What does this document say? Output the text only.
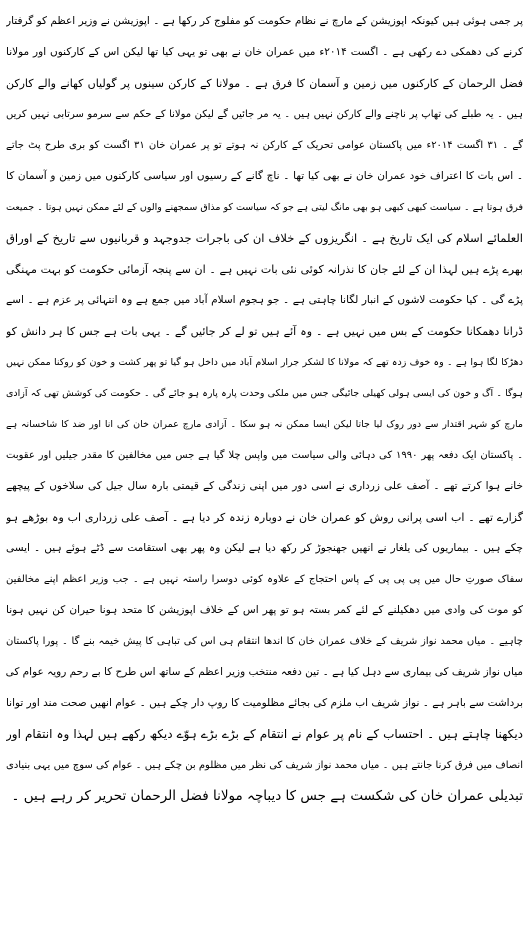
پر جمی ہوئی ہیں کیونکہ اپوزیشن کے مارچ نے نظام حکومت کو مفلوج کر رکھا ہے ۔ اپوزیشن نے وزیر اعظم کو گرفتار
کرنے کی دھمکی دے رکھی ہے ۔ اگست ۲۰۱۴ء میں عمران خان نے بھی تو یہی کیا تھا لیکن اس کے کارکنوں اور مولانا
فضل الرحمان کے کارکنوں میں زمین و آسمان کا فرق ہے ۔ مولانا کے کارکن سینوں پر گولیاں کھانے والے کارکن
ہیں ۔ یہ طبلے کی تھاپ پر ناچنے والے کارکن نہیں ہیں ۔ یہ مر جائیں گے لیکن مولانا کے حکم سے سرمو سرتابی نہیں کریں
گے ۔ ۳۱ اگست ۲۰۱۴ء میں پاکستان عوامی تحریک کے کارکن نہ ہوتے تو پر عمران خان ۳۱ اگست کو بری طرح پٹ جاتے
۔ اس بات کا اعتراف خود عمران خان نے بھی کیا تھا ۔ ناچ گانے کے رسیوں اور سیاسی کارکنوں میں زمین و آسمان کا
فرق ہوتا ہے ۔ سیاست کبھی کبھی ہو بھی مانگ لیتی ہے جو کہ سیاست کو مذاق سمجھنے والوں کے لئے ممکن نہیں ہوتا ۔ جمیعت
العلمائے اسلام کی ایک تاریخ ہے ۔ انگریزوں کے خلاف ان کی باجرات جدوجہد و قربانیوں سے تاریخ کے اوراق
بھرے پڑے ہیں لہذا ان کے لئے جان کا نذرانہ کوئی نئی بات نہیں ہے ۔ ان سے پنجہ آزمائی حکومت کو بہت مہنگی
پڑے گی ۔ کیا حکومت لاشوں کے انبار لگانا چاہتی ہے ۔ جو ہجوم اسلام آباد میں جمع ہے وہ انتہائی پر عزم ہے ۔ اسے
ڈرانا دھمکانا حکومت کے بس میں نہیں ہے ۔ وہ آئے ہیں تو لے کر جائیں گے ۔ یہی بات ہے جس کا ہر دانش کو
دھڑکا لگا ہوا ہے ۔ وہ خوف زدہ تھے کہ مولانا کا لشکر جرار اسلام آباد میں داخل ہو گیا تو پھر کشت و خون کو روکنا ممکن نہیں
ہوگا ۔ آگ و خون کی ایسی ہولی کھیلی جائیگی جس میں ملکی وحدت پارہ پارہ ہو جائے گی ۔ حکومت کی کوشش تھی کہ آزادی
مارچ کو شہر اقتدار سے دور روک لیا جاتا لیکن ایسا ممکن نہ ہو سکا ۔ آزادی مارچ عمران خان کی انا اور ضد کا شاخسانہ ہے
۔ پاکستان ایک دفعہ پھر ۱۹۹۰ کی دہائی والی سیاست میں واپس چلا گیا ہے جس میں مخالفین کا مقدر جیلیں اور عقوبت
خانے ہوا کرتے تھے ۔ آصف علی زرداری نے اسی دور میں اپنی زندگی کے قیمتی بارہ سال جیل کی سلاخوں کے پیچھے
گزارے تھے ۔ اب اسی پرانی روش کو عمران خان نے دوبارہ زندہ کر دیا ہے ۔ آصف علی زرداری اب وہ بوڑھے ہو
چکے ہیں ۔ بیماریوں کی یلغار نے انھیں جھنجوڑ کر رکھ دیا ہے لیکن وہ پھر بھی استقامت سے ڈٹے ہوئے ہیں ۔ ایسی
سفاک صورتِ حال میں پی پی پی کے پاس احتجاج کے علاوہ کوئی دوسرا راستہ نہیں ہے ۔ جب وزیر اعظم اپنے مخالفین
کو موت کی وادی میں دھکیلنے کے لئے کمر بستہ ہو تو پھر اس کے خلاف اپوزیشن کا متحد ہونا حیران کن نہیں ہونا
چاہیے ۔ میاں محمد نواز شریف کے خلاف عمران خان کا اندھا انتقام ہی اس کی تباہی کا پیش خیمہ بنے گا ۔ پورا پاکستان
میاں نواز شریف کی بیماری سے دہل کیا ہے ۔ تین دفعہ منتخب وزیر اعظم کے ساتھ اس طرح کا بے رحم رویہ عوام کی
برداشت سے باہر ہے ۔ نواز شریف اب ملزم کی بجائے مظلومیت کا روپ دار چکے ہیں ۔ عوام انھیں صحت مند اور توانا
دیکھنا چاہتے ہیں ۔ احتساب کے نام پر عوام نے انتقام کے بڑے بڑے ہوّے دیکھ رکھے ہیں لہذا وہ انتقام اور
انصاف میں فرق کرنا جانتے ہیں ۔ میاں محمد نواز شریف کی نظر میں مظلوم بن چکے ہیں ۔ عوام کی سوچ میں یہی بنیادی
تبدیلی عمران خان کی شکست ہے جس کا دیباچہ مولانا فضل الرحمان تحریر کر رہے ہیں ۔
